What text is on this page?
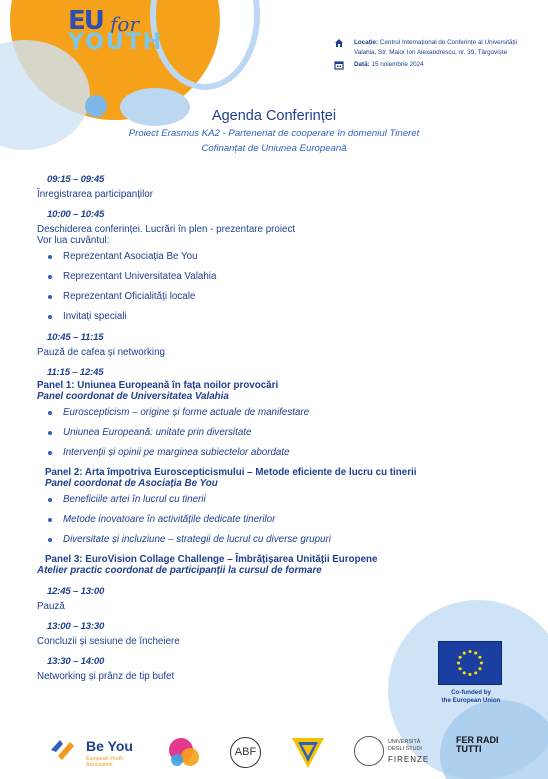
EU for
YOUTH	Locație: Centrul Internațional de Conferințe al Universității Valahia, Str. Maior Ion Alexandrescu, nr. 39, Târgoviște
Dată: 15 noiembrie 2024
Agenda Conferinței
Proiect Erasmus KA2 - Parteneriat de cooperare în domeniul Tineret
Cofinanțat de Uniunea Europeană
09:15 – 09:45
Înregistrarea participanților
10:00 – 10:45
Deschiderea conferinței. Lucrări în plen - prezentare proiect
Vor lua cuvântul:
Reprezentant Asociația Be You
Reprezentant Universitatea Valahia
Reprezentant Oficialități locale
Invitați speciali
10:45 – 11:15
Pauză de cafea și networking
11:15 – 12:45
Panel 1: Uniunea Europeană în fața noilor provocări
Panel coordonat de Universitatea Valahia
Euroscepticism – origine și forme actuale de manifestare
Uniunea Europeană: unitate prin diversitate
Intervenții și opinii pe marginea subiectelor abordate
Panel 2: Arta împotriva Euroscepticismului – Metode eficiente de lucru cu tinerii
Panel coordonat de Asociația Be You
Beneficiile artei în lucrul cu tinerii
Metode inovatoare în activitățile dedicate tinerilor
Diversitate și incluziune – strategii de lucrul cu diverse grupuri
Panel 3: EuroVision Collage Challenge – Îmbrățișarea Unității Europene
Atelier practic coordonat de participanții la cursul de formare
12:45 – 13:00
Pauză
13:00 – 13:30
Concluzii și sesiune de încheiere
13:30 – 14:00
Networking și prânz de tip bufet
Co-funded by
the European Union
Be You
European Youth Association
ABF
UNIVERSITÀ DEGLI STUDI
FIRENZE
FER RADI TUTTI
